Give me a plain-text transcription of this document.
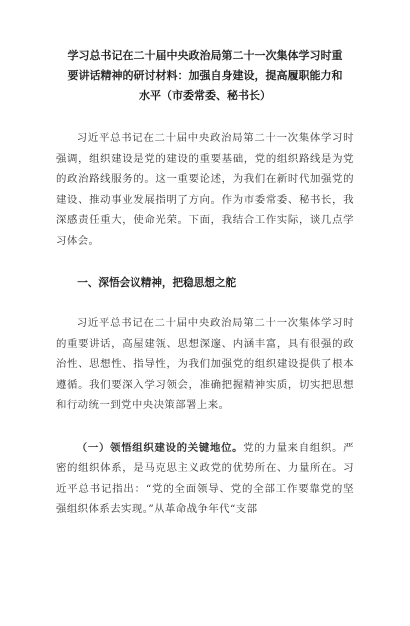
学习总书记在二十届中央政治局第二十一次集体学习时重
要讲话精神的研讨材料：加强自身建设，提高履职能力和
水平（市委常委、秘书长）

习近平总书记在二十届中央政治局第二十一次集体学习时强调，组织建设是党的建设的重要基础，党的组织路线是为党的政治路线服务的。这一重要论述，为我们在新时代加强党的建设、推动事业发展指明了方向。作为市委常委、秘书长，我深感责任重大，使命光荣。下面，我结合工作实际，谈几点学习体会。

一、深悟会议精神，把稳思想之舵

习近平总书记在二十届中央政治局第二十一次集体学习时的重要讲话，高屋建瓴、思想深邃、内涵丰富，具有很强的政治性、思想性、指导性，为我们加强党的组织建设提供了根本遵循。我们要深入学习领会，准确把握精神实质，切实把思想和行动统一到党中央决策部署上来。

（一）领悟组织建设的关键地位。党的力量来自组织。严密的组织体系，是马克思主义政党的优势所在、力量所在。习近平总书记指出：“党的全面领导、党的全部工作要靠党的坚强组织体系去实现。”从革命战争年代“支部
